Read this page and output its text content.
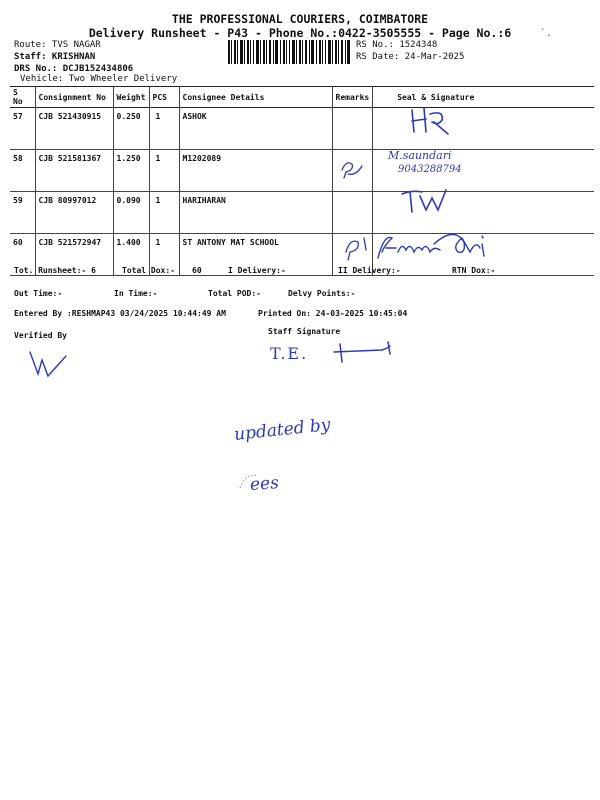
THE PROFESSIONAL COURIERS, COIMBATORE
Delivery Runsheet - P43 - Phone No.:0422-3505555 - Page No.:6
Route: TVS NAGAR
Staff: KRISHNAN
DRS No.: DCJB152434806
Vehicle: Two Wheeler Delivery
RS No.: 1524348
RS Date: 24-Mar-2025
`.
S No	Consignment No	Weight	PCS	Consignee Details	Remarks	Seal & Signature
57	CJB 521430915	0.250	1	ASHOK		
58	CJB 521581367	1.250	1	M1202089		
59	CJB 80997012	0.090	1	HARIHARAN		
60	CJB 521572947	1.400	1	ST ANTONY MAT SCHOOL		
M.saundari
9043288794
Tot. Runsheet:- 6	Total Dox:- 60	I Delivery:-	II Delivery:-	RTN Dox:-
Out Time:-	In Time:-	Total POD:-	Delvy Points:-
Entered By :RESHMAP43 03/24/2025 10:44:49 AM	Printed On: 24-03-2025 10:45:04
Verified By	Staff Signature
T.E.
updated by
ees
